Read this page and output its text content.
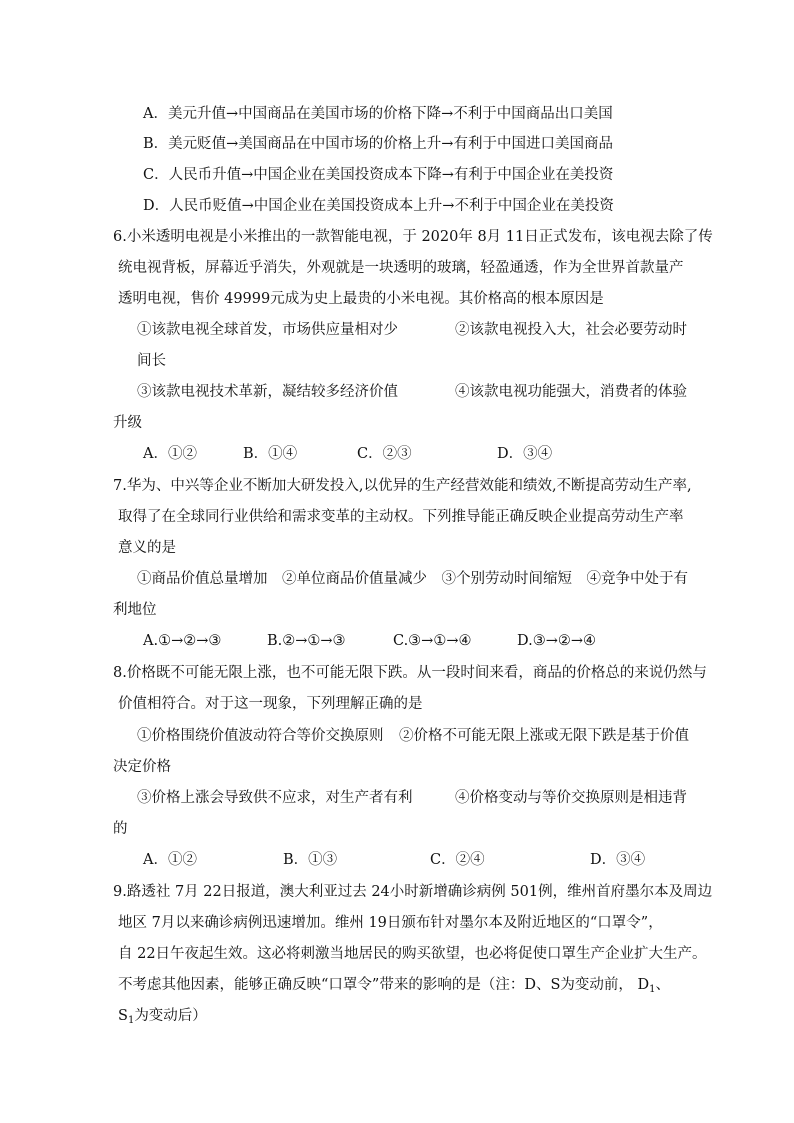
A．美元升值→中国商品在美国市场的价格下降→不利于中国商品出口美国
B．美元贬值→美国商品在中国市场的价格上升→有利于中国进口美国商品
C．人民币升值→中国企业在美国投资成本下降→有利于中国企业在美投资
D．人民币贬值→中国企业在美国投资成本上升→不利于中国企业在美投资
6.小米透明电视是小米推出的一款智能电视，于 2020年 8月 11日正式发布，该电视去除了传
统电视背板，屏幕近乎消失，外观就是一块透明的玻璃，轻盈通透，作为全世界首款量产
透明电视，售价 49999元成为史上最贵的小米电视。其价格高的根本原因是
①该款电视全球首发，市场供应量相对少	②该款电视投入大，社会必要劳动时
间长
③该款电视技术革新，凝结较多经济价值	④该款电视功能强大，消费者的体验
升级
A．①②	B．①④	C．②③	D．③④
7.华为、中兴等企业不断加大研发投入,以优异的生产经营效能和绩效,不断提高劳动生产率,
取得了在全球同行业供给和需求变革的主动权。下列推导能正确反映企业提高劳动生产率
意义的是
①商品价值总量增加　②单位商品价值量减少　③个别劳动时间缩短　④竞争中处于有
利地位
A.①→②→③	B.②→①→③	C.③→①→④	D.③→②→④
8.价格既不可能无限上涨，也不可能无限下跌。从一段时间来看，商品的价格总的来说仍然与
价值相符合。对于这一现象，下列理解正确的是
①价格围绕价值波动符合等价交换原则 ②价格不可能无限上涨或无限下跌是基于价值
决定价格
③价格上涨会导致供不应求，对生产者有利	④价格变动与等价交换原则是相违背
的
A．①②	B．①③	C．②④	D．③④
9.路透社 7月 22日报道，澳大利亚过去 24小时新增确诊病例 501例，维州首府墨尔本及周边
地区 7月以来确诊病例迅速增加。维州 19日颁布针对墨尔本及附近地区的“口罩令”，
自 22日午夜起生效。这必将刺激当地居民的购买欲望，也必将促使口罩生产企业扩大生产。
不考虑其他因素，能够正确反映“口罩令”带来的影响的是（注：D、S为变动前， $D_1$、
$S_1$为变动后）
